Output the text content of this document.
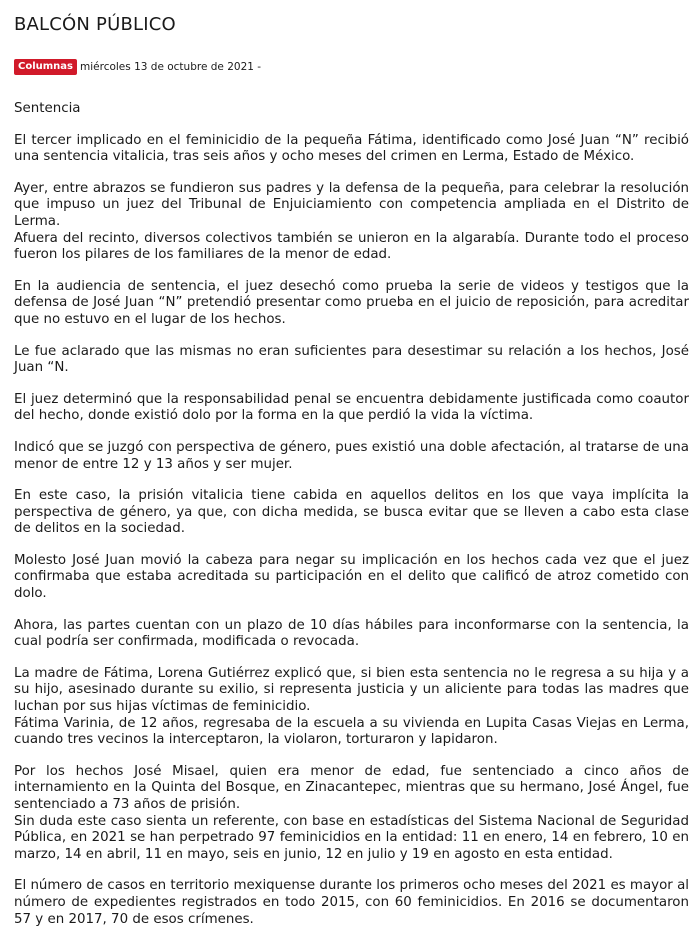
BALCÓN PÚBLICO
Columnas miércoles 13 de octubre de 2021 -

Sentencia

El tercer implicado en el feminicidio de la pequeña Fátima, identificado como José Juan “N” recibió una sentencia vitalicia, tras seis años y ocho meses del crimen en Lerma, Estado de México.

Ayer, entre abrazos se fundieron sus padres y la defensa de la pequeña, para celebrar la resolución que impuso un juez del Tribunal de Enjuiciamiento con competencia ampliada en el Distrito de Lerma.

Afuera del recinto, diversos colectivos también se unieron en la algarabía. Durante todo el proceso fueron los pilares de los familiares de la menor de edad.

En la audiencia de sentencia, el juez desechó como prueba la serie de videos y testigos que la defensa de José Juan “N” pretendió presentar como prueba en el juicio de reposición, para acreditar que no estuvo en el lugar de los hechos.

Le fue aclarado que las mismas no eran suficientes para desestimar su relación a los hechos, José Juan “N.

El juez determinó que la responsabilidad penal se encuentra debidamente justificada como coautor del hecho, donde existió dolo por la forma en la que perdió la vida la víctima.

Indicó que se juzgó con perspectiva de género, pues existió una doble afectación, al tratarse de una menor de entre 12 y 13 años y ser mujer.

En este caso, la prisión vitalicia tiene cabida en aquellos delitos en los que vaya implícita la perspectiva de género, ya que, con dicha medida, se busca evitar que se lleven a cabo esta clase de delitos en la sociedad.

Molesto José Juan movió la cabeza para negar su implicación en los hechos cada vez que el juez confirmaba que estaba acreditada su participación en el delito que calificó de atroz cometido con dolo.

Ahora, las partes cuentan con un plazo de 10 días hábiles para inconformarse con la sentencia, la cual podría ser confirmada, modificada o revocada.

La madre de Fátima, Lorena Gutiérrez explicó que, si bien esta sentencia no le regresa a su hija y a su hijo, asesinado durante su exilio, si representa justicia y un aliciente para todas las madres que luchan por sus hijas víctimas de feminicidio.

Fátima Varinia, de 12 años, regresaba de la escuela a su vivienda en Lupita Casas Viejas en Lerma, cuando tres vecinos la interceptaron, la violaron, torturaron y lapidaron.

Por los hechos José Misael, quien era menor de edad, fue sentenciado a cinco años de internamiento en la Quinta del Bosque, en Zinacantepec, mientras que su hermano, José Ángel, fue sentenciado a 73 años de prisión.

Sin duda este caso sienta un referente, con base en estadísticas del Sistema Nacional de Seguridad Pública, en 2021 se han perpetrado 97 feminicidios en la entidad: 11 en enero, 14 en febrero, 10 en marzo, 14 en abril, 11 en mayo, seis en junio, 12 en julio y 19 en agosto en esta entidad.

El número de casos en territorio mexiquense durante los primeros ocho meses del 2021 es mayor al número de expedientes registrados en todo 2015, con 60 feminicidios. En 2016 se documentaron 57 y en 2017, 70 de esos crímenes.
